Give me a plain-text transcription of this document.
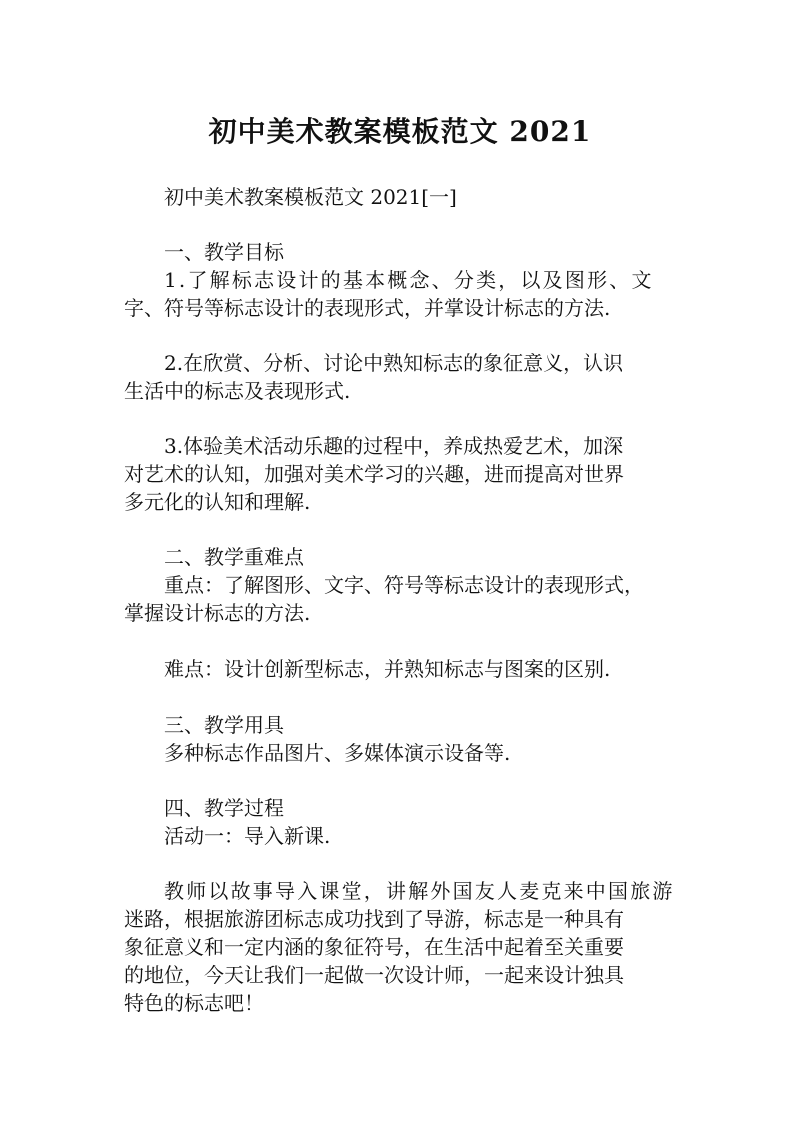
初中美术教案模板范文 2021
初中美术教案模板范文 2021[一]
一、教学目标
1.了解标志设计的基本概念、分类，以及图形、文
字、符号等标志设计的表现形式，并掌设计标志的方法.
2.在欣赏、分析、讨论中熟知标志的象征意义，认识
生活中的标志及表现形式.
3.体验美术活动乐趣的过程中，养成热爱艺术，加深
对艺术的认知，加强对美术学习的兴趣，进而提高对世界
多元化的认知和理解.
二、教学重难点
重点：了解图形、文字、符号等标志设计的表现形式，
掌握设计标志的方法.
难点：设计创新型标志，并熟知标志与图案的区别.
三、教学用具
多种标志作品图片、多媒体演示设备等.
四、教学过程
活动一：导入新课.
教师以故事导入课堂，讲解外国友人麦克来中国旅游
迷路，根据旅游团标志成功找到了导游，标志是一种具有
象征意义和一定内涵的象征符号，在生活中起着至关重要
的地位，今天让我们一起做一次设计师，一起来设计独具
特色的标志吧！
